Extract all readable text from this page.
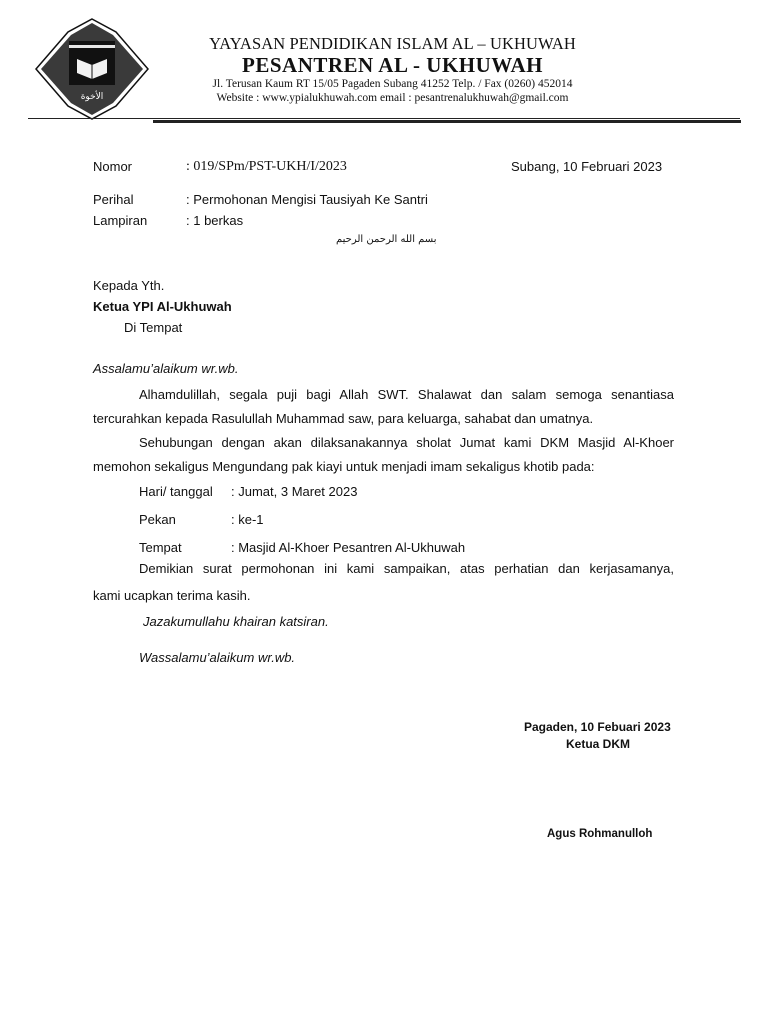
الأخوة
YAYASAN PENDIDIKAN ISLAM AL – UKHUWAH
PESANTREN AL - UKHUWAH
Jl. Terusan Kaum RT 15/05 Pagaden Subang 41252 Telp. / Fax (0260) 452014
Website : www.ypialukhuwah.com email : pesantrenalukhuwah@gmail.com
Nomor	: 019/SPm/PST-UKH/I/2023	Subang, 10 Februari 2023
Perihal	: Permohonan Mengisi Tausiyah Ke Santri
Lampiran	: 1 berkas
بسم الله الرحمن الرحيم
Kepada Yth.
Ketua YPI Al-Ukhuwah
Di Tempat
Assalamu’alaikum wr.wb.
Alhamdulillah, segala puji bagi Allah SWT. Shalawat dan salam semoga senantiasa tercurahkan kepada Rasulullah Muhammad saw, para keluarga, sahabat dan umatnya.
Sehubungan dengan akan dilaksanakannya sholat Jumat kami DKM Masjid Al-Khoer memohon sekaligus Mengundang pak kiayi untuk menjadi imam sekaligus khotib pada:
Hari/ tanggal : Jumat, 3 Maret 2023
Pekan	: ke-1
Tempat	: Masjid Al-Khoer Pesantren Al-Ukhuwah
Demikian surat permohonan ini kami sampaikan, atas perhatian dan kerjasamanya,
kami ucapkan terima kasih.
Jazakumullahu khairan katsiran.
Wassalamu’alaikum wr.wb.
Pagaden, 10 Febuari 2023
Ketua DKM
Agus Rohmanulloh
